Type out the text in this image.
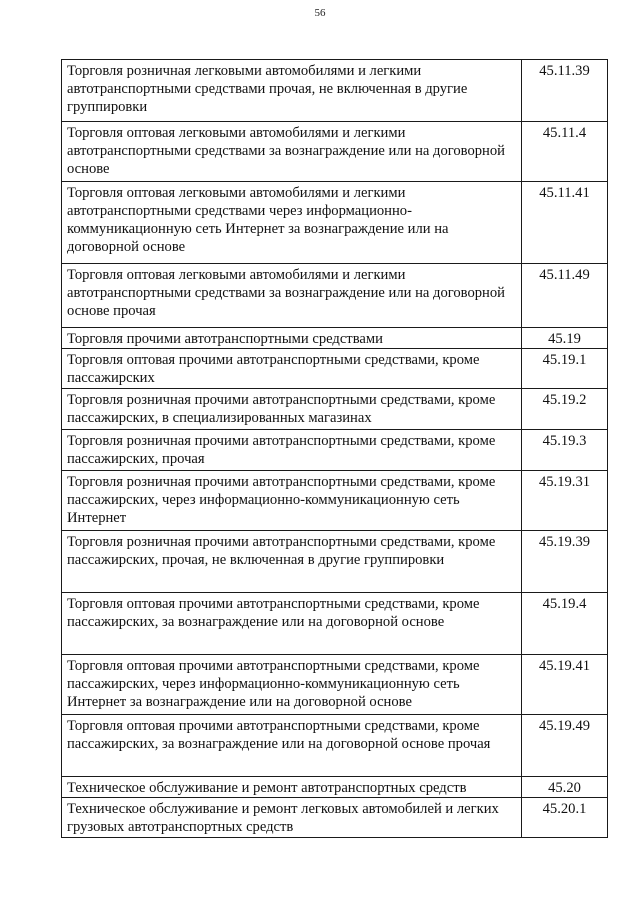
56
Торговля розничная легковыми автомобилями и легкими автотранспортными средствами прочая, не включенная в другие группировки	45.11.39
Торговля оптовая легковыми автомобилями и легкими автотранспортными средствами за вознаграждение или на договорной основе	45.11.4
Торговля оптовая легковыми автомобилями и легкими автотранспортными средствами через информационно-коммуникационную сеть Интернет за вознаграждение или на договорной основе	45.11.41
Торговля оптовая легковыми автомобилями и легкими автотранспортными средствами за вознаграждение или на договорной основе прочая	45.11.49
Торговля прочими автотранспортными средствами	45.19
Торговля оптовая прочими автотранспортными средствами, кроме пассажирских	45.19.1
Торговля розничная прочими автотранспортными средствами, кроме пассажирских, в специализированных магазинах	45.19.2
Торговля розничная прочими автотранспортными средствами, кроме пассажирских, прочая	45.19.3
Торговля розничная прочими автотранспортными средствами, кроме пассажирских, через информационно-коммуникационную сеть Интернет	45.19.31
Торговля розничная прочими автотранспортными средствами, кроме пассажирских, прочая, не включенная в другие группировки	45.19.39
Торговля оптовая прочими автотранспортными средствами, кроме пассажирских, за вознаграждение или на договорной основе	45.19.4
Торговля оптовая прочими автотранспортными средствами, кроме пассажирских, через информационно-коммуникационную сеть Интернет за вознаграждение или на договорной основе	45.19.41
Торговля оптовая прочими автотранспортными средствами, кроме пассажирских, за вознаграждение или на договорной основе прочая	45.19.49
Техническое обслуживание и ремонт автотранспортных средств	45.20
Техническое обслуживание и ремонт легковых автомобилей и легких грузовых автотранспортных средств	45.20.1
